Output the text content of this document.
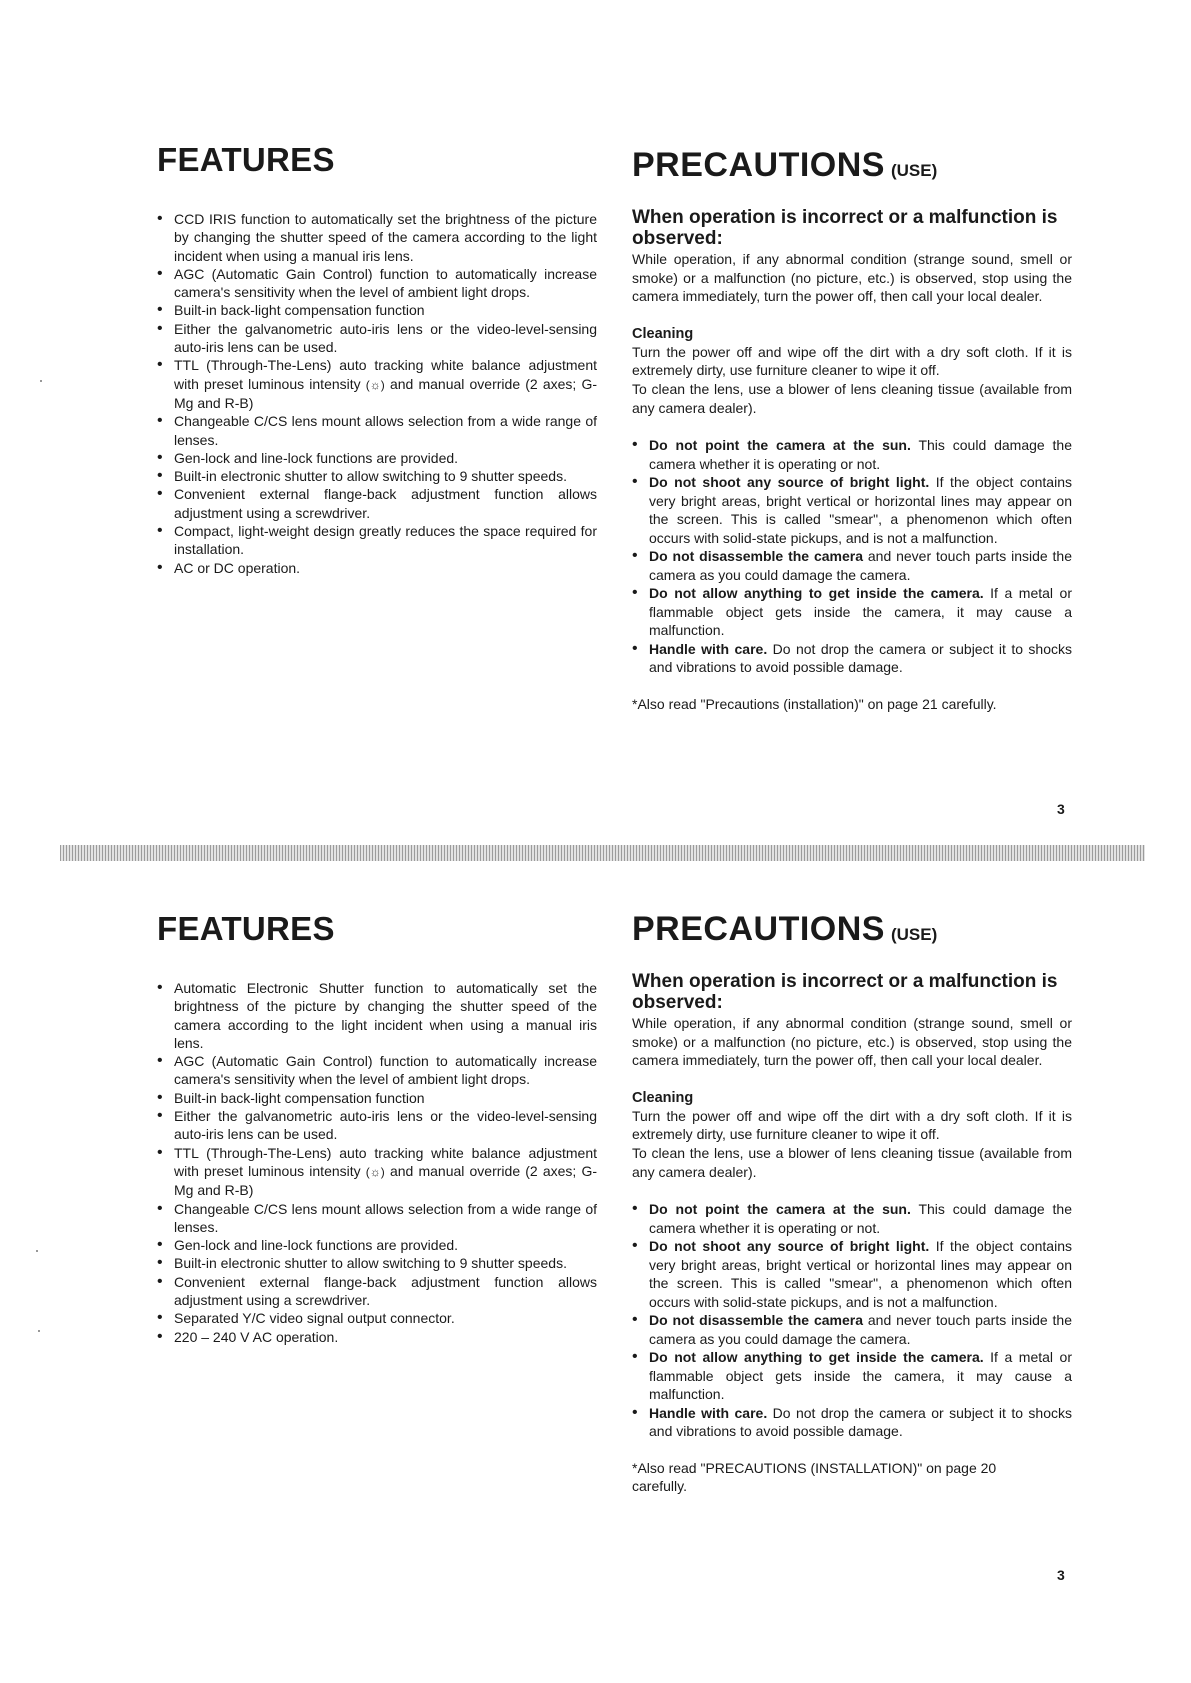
FEATURES
• CCD IRIS function to automatically set the brightness of the picture by changing the shutter speed of the camera according to the light incident when using a manual iris lens.
• AGC (Automatic Gain Control) function to automatically increase camera's sensitivity when the level of ambient light drops.
• Built-in back-light compensation function
• Either the galvanometric auto-iris lens or the video-level-sensing auto-iris lens can be used.
• TTL (Through-The-Lens) auto tracking white balance adjustment with preset luminous intensity (☼) and manual override (2 axes; G-Mg and R-B)
• Changeable C/CS lens mount allows selection from a wide range of lenses.
• Gen-lock and line-lock functions are provided.
• Built-in electronic shutter to allow switching to 9 shutter speeds.
• Convenient external flange-back adjustment function allows adjustment using a screwdriver.
• Compact, light-weight design greatly reduces the space required for installation.
• AC or DC operation.
PRECAUTIONS (USE)
When operation is incorrect or a malfunction is observed:

While operation, if any abnormal condition (strange sound, smell or smoke) or a malfunction (no picture, etc.) is observed, stop using the camera immediately, turn the power off, then call your local dealer.

Cleaning

Turn the power off and wipe off the dirt with a dry soft cloth. If it is extremely dirty, use furniture cleaner to wipe it off.

To clean the lens, use a blower of lens cleaning tissue (available from any camera dealer).

• Do not point the camera at the sun. This could damage the camera whether it is operating or not.
• Do not shoot any source of bright light. If the object contains very bright areas, bright vertical or horizontal lines may appear on the screen. This is called "smear", a phenomenon which often occurs with solid-state pickups, and is not a malfunction.
• Do not disassemble the camera and never touch parts inside the camera as you could damage the camera.
• Do not allow anything to get inside the camera. If a metal or flammable object gets inside the camera, it may cause a malfunction.
• Handle with care. Do not drop the camera or subject it to shocks and vibrations to avoid possible damage.

*Also read "Precautions (installation)" on page 21 carefully.

3
FEATURES
• Automatic Electronic Shutter function to automatically set the brightness of the picture by changing the shutter speed of the camera according to the light incident when using a manual iris lens.
• AGC (Automatic Gain Control) function to automatically increase camera's sensitivity when the level of ambient light drops.
• Built-in back-light compensation function
• Either the galvanometric auto-iris lens or the video-level-sensing auto-iris lens can be used.
• TTL (Through-The-Lens) auto tracking white balance adjustment with preset luminous intensity (☼) and manual override (2 axes; G-Mg and R-B)
• Changeable C/CS lens mount allows selection from a wide range of lenses.
• Gen-lock and line-lock functions are provided.
• Built-in electronic shutter to allow switching to 9 shutter speeds.
• Convenient external flange-back adjustment function allows adjustment using a screwdriver.
• Separated Y/C video signal output connector.
• 220 – 240 V AC operation.
PRECAUTIONS (USE)
When operation is incorrect or a malfunction is observed:

While operation, if any abnormal condition (strange sound, smell or smoke) or a malfunction (no picture, etc.) is observed, stop using the camera immediately, turn the power off, then call your local dealer.

Cleaning

Turn the power off and wipe off the dirt with a dry soft cloth. If it is extremely dirty, use furniture cleaner to wipe it off.

To clean the lens, use a blower of lens cleaning tissue (available from any camera dealer).

• Do not point the camera at the sun. This could damage the camera whether it is operating or not.
• Do not shoot any source of bright light. If the object contains very bright areas, bright vertical or horizontal lines may appear on the screen. This is called "smear", a phenomenon which often occurs with solid-state pickups, and is not a malfunction.
• Do not disassemble the camera and never touch parts inside the camera as you could damage the camera.
• Do not allow anything to get inside the camera. If a metal or flammable object gets inside the camera, it may cause a malfunction.
• Handle with care. Do not drop the camera or subject it to shocks and vibrations to avoid possible damage.

*Also read "PRECAUTIONS (INSTALLATION)" on page 20 carefully.

3
